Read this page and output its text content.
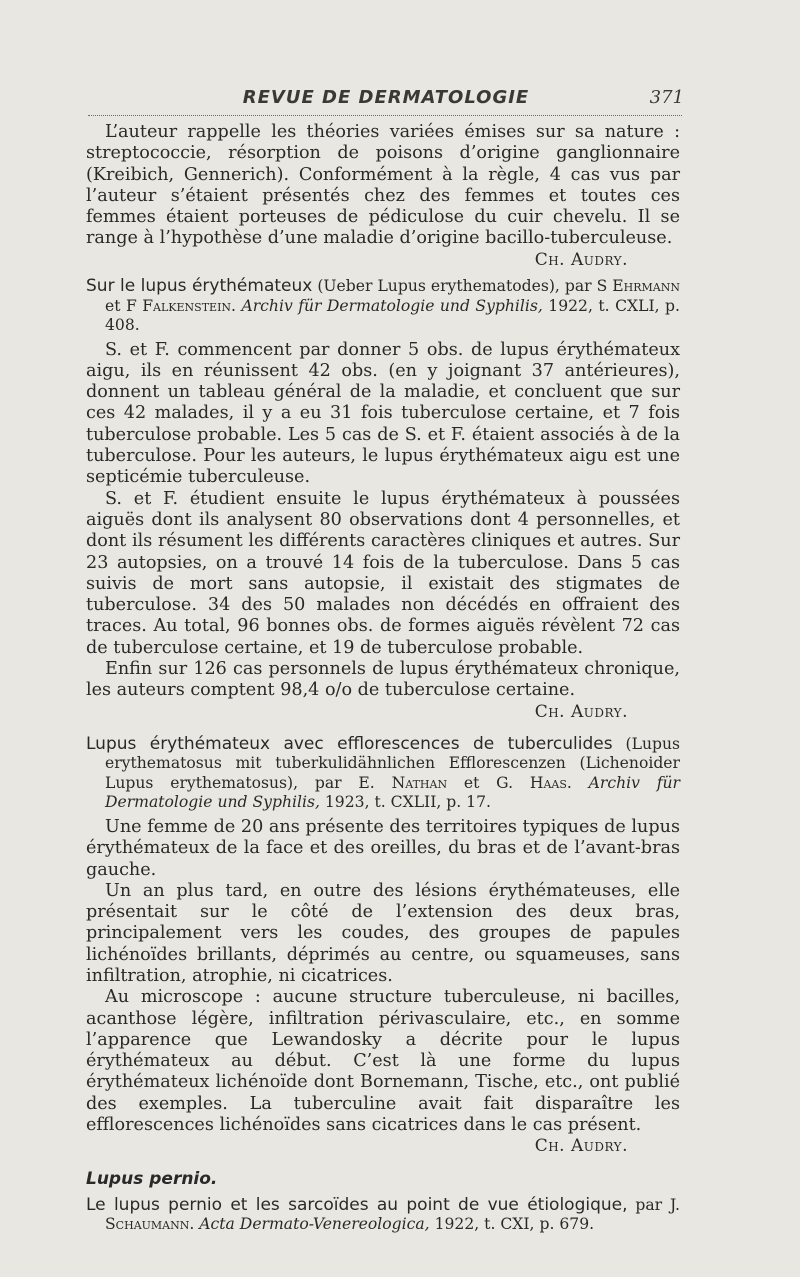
REVUE DE DERMATOLOGIE	371

L’auteur rappelle les théories variées émises sur sa nature : streptococcie, résorption de poisons d’origine ganglionnaire (Kreibich, Gennerich). Conformément à la règle, 4 cas vus par l’auteur s’étaient présentés chez des femmes et toutes ces femmes étaient porteuses de pédiculose du cuir chevelu. Il se range à l’hypothèse d’une maladie d’origine bacillo-tuberculeuse.

Ch. Audry.

Sur le lupus érythémateux (Ueber Lupus erythematodes), par S Ehrmann et F Falkenstein. Archiv für Dermatologie und Syphilis, 1922, t. CXLI, p. 408.

S. et F. commencent par donner 5 obs. de lupus érythémateux aigu, ils en réunissent 42 obs. (en y joignant 37 antérieures), donnent un tableau général de la maladie, et concluent que sur ces 42 malades, il y a eu 31 fois tuberculose certaine, et 7 fois tuberculose probable. Les 5 cas de S. et F. étaient associés à de la tuberculose. Pour les auteurs, le lupus érythémateux aigu est une septicémie tuberculeuse.

S. et F. étudient ensuite le lupus érythémateux à poussées aiguës dont ils analysent 80 observations dont 4 personnelles, et dont ils résument les différents caractères cliniques et autres. Sur 23 autopsies, on a trouvé 14 fois de la tuberculose. Dans 5 cas suivis de mort sans autopsie, il existait des stigmates de tuberculose. 34 des 50 malades non décédés en offraient des traces. Au total, 96 bonnes obs. de formes aiguës révèlent 72 cas de tuberculose certaine, et 19 de tuberculose probable.

Enfin sur 126 cas personnels de lupus érythémateux chronique, les auteurs comptent 98,4 o/o de tuberculose certaine.

Ch. Audry.

Lupus érythémateux avec efflorescences de tuberculides (Lupus erythematosus mit tuberkulidähnlichen Efflorescenzen (Lichenoider Lupus erythematosus), par E. Nathan et G. Haas. Archiv für Dermatologie und Syphilis, 1923, t. CXLII, p. 17.

Une femme de 20 ans présente des territoires typiques de lupus érythémateux de la face et des oreilles, du bras et de l’avant-bras gauche.

Un an plus tard, en outre des lésions érythémateuses, elle présentait sur le côté de l’extension des deux bras, principalement vers les coudes, des groupes de papules lichénoïdes brillants, déprimés au centre, ou squameuses, sans infiltration, atrophie, ni cicatrices.

Au microscope : aucune structure tuberculeuse, ni bacilles, acanthose légère, infiltration périvasculaire, etc., en somme l’apparence que Lewandosky a décrite pour le lupus érythémateux au début. C’est là une forme du lupus érythémateux lichénoïde dont Bornemann, Tische, etc., ont publié des exemples. La tuberculine avait fait disparaître les efflorescences lichénoïdes sans cicatrices dans le cas présent.

Ch. Audry.

Lupus pernio.

Le lupus pernio et les sarcoïdes au point de vue étiologique, par J. Schaumann. Acta Dermato-Venereologica, 1922, t. CXI, p. 679.
